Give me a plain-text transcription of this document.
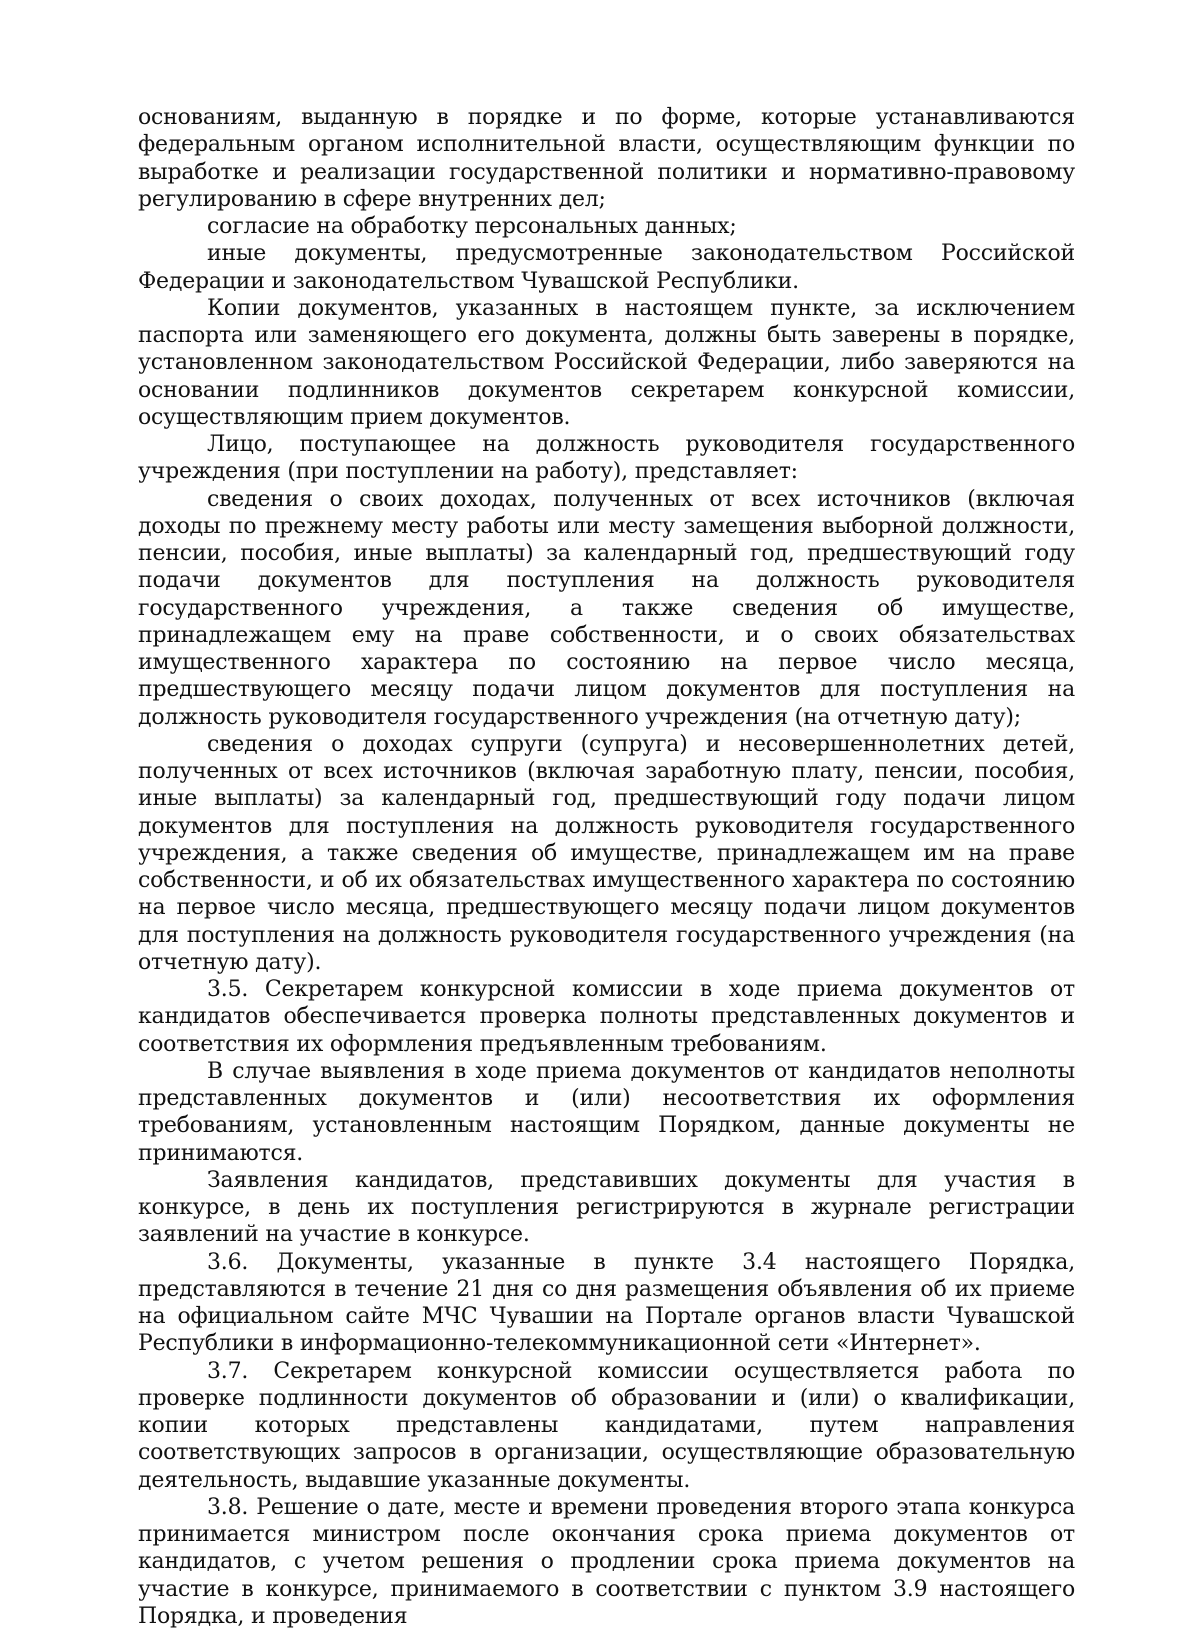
основаниям, выданную в порядке и по форме, которые устанавливаются федеральным органом исполнительной власти, осуществляющим функции по выработке и реализации государственной политики и нормативно-правовому регулированию в сфере внутренних дел;

согласие на обработку персональных данных;

иные документы, предусмотренные законодательством Российской Федерации и законодательством Чувашской Республики.

Копии документов, указанных в настоящем пункте, за исключением паспорта или заменяющего его документа, должны быть заверены в порядке, установленном законодательством Российской Федерации, либо заверяются на основании подлинников документов секретарем конкурсной комиссии, осуществляющим прием документов.

Лицо, поступающее на должность руководителя государственного учреждения (при поступлении на работу), представляет:

сведения о своих доходах, полученных от всех источников (включая доходы по прежнему месту работы или месту замещения выборной должности, пенсии, пособия, иные выплаты) за календарный год, предшествующий году подачи документов для поступления на должность руководителя государственного учреждения, а также сведения об имуществе, принадлежащем ему на праве собственности, и о своих обязательствах имущественного характера по состоянию на первое число месяца, предшествующего месяцу подачи лицом документов для поступления на должность руководителя государственного учреждения (на отчетную дату);

сведения о доходах супруги (супруга) и несовершеннолетних детей, полученных от всех источников (включая заработную плату, пенсии, пособия, иные выплаты) за календарный год, предшествующий году подачи лицом документов для поступления на должность руководителя государственного учреждения, а также сведения об имуществе, принадлежащем им на праве собственности, и об их обязательствах имущественного характера по состоянию на первое число месяца, предшествующего месяцу подачи лицом документов для поступления на должность руководителя государственного учреждения (на отчетную дату).

3.5. Секретарем конкурсной комиссии в ходе приема документов от кандидатов обеспечивается проверка полноты представленных документов и соответствия их оформления предъявленным требованиям.

В случае выявления в ходе приема документов от кандидатов неполноты представленных документов и (или) несоответствия их оформления требованиям, установленным настоящим Порядком, данные документы не принимаются.

Заявления кандидатов, представивших документы для участия в конкурсе, в день их поступления регистрируются в журнале регистрации заявлений на участие в конкурсе.

3.6. Документы, указанные в пункте 3.4 настоящего Порядка, представляются в течение 21 дня со дня размещения объявления об их приеме на официальном сайте МЧС Чувашии на Портале органов власти Чувашской Республики в информационно-телекоммуникационной сети «Интернет».

3.7. Секретарем конкурсной комиссии осуществляется работа по проверке подлинности документов об образовании и (или) о квалификации, копии которых представлены кандидатами, путем направления соответствующих запросов в организации, осуществляющие образовательную деятельность, выдавшие указанные документы.

3.8. Решение о дате, месте и времени проведения второго этапа конкурса принимается министром после окончания срока приема документов от кандидатов, с учетом решения о продлении срока приема документов на участие в конкурсе, принимаемого в соответствии с пунктом 3.9 настоящего Порядка, и проведения
